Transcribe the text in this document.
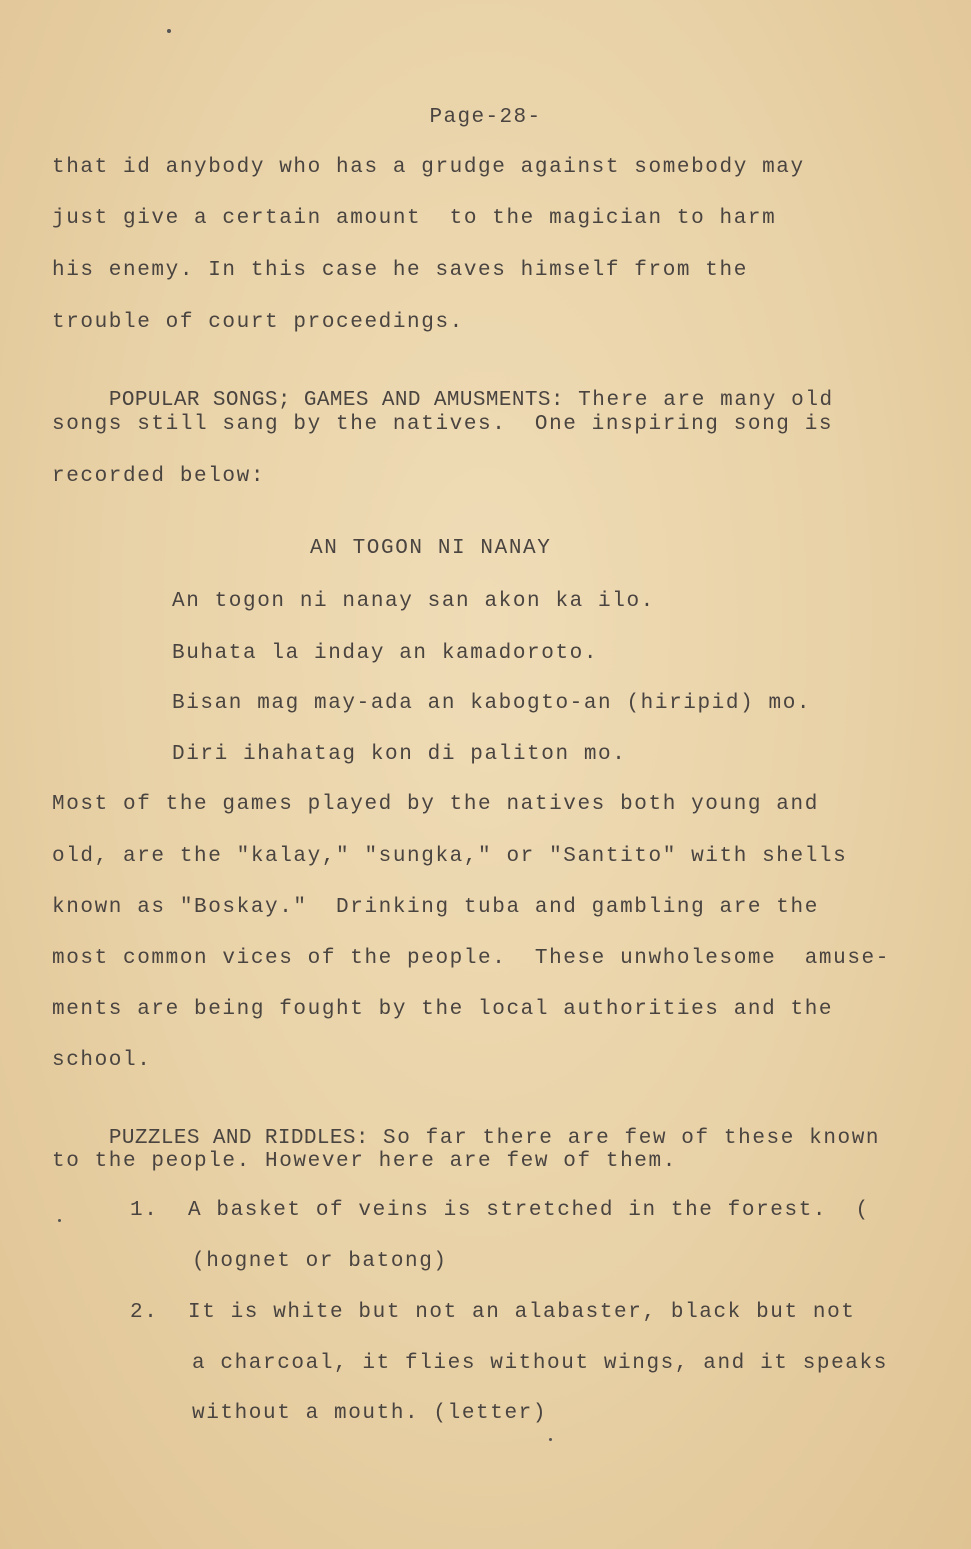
Page-28-
that id anybody who has a grudge against somebody may
just give a certain amount  to the magician to harm
his enemy. In this case he saves himself from the
trouble of court proceedings.

POPULAR SONGS; GAMES AND AMUSMENTS: There are many old

songs still sang by the natives.  One inspiring song is
recorded below:
AN TOGON NI NANAY
An togon ni nanay san akon ka ilo.
Buhata la inday an kamadoroto.
Bisan mag may-ada an kabogto-an (hiripid) mo.
Diri ihahatag kon di paliton mo.
Most of the games played by the natives both young and
old, are the "kalay," "sungka," or "Santito" with shells
known as "Boskay."  Drinking tuba and gambling are the
most common vices of the people.  These unwholesome  amuse-
ments are being fought by the local authorities and the
school.

PUZZLES AND RIDDLES: So far there are few of these known

to the people. However here are few of them.
1. A basket of veins is stretched in the forest.  (
(hognet or batong)
2. It is white but not an alabaster, black but not
a charcoal, it flies without wings, and it speaks
without a mouth. (letter)
